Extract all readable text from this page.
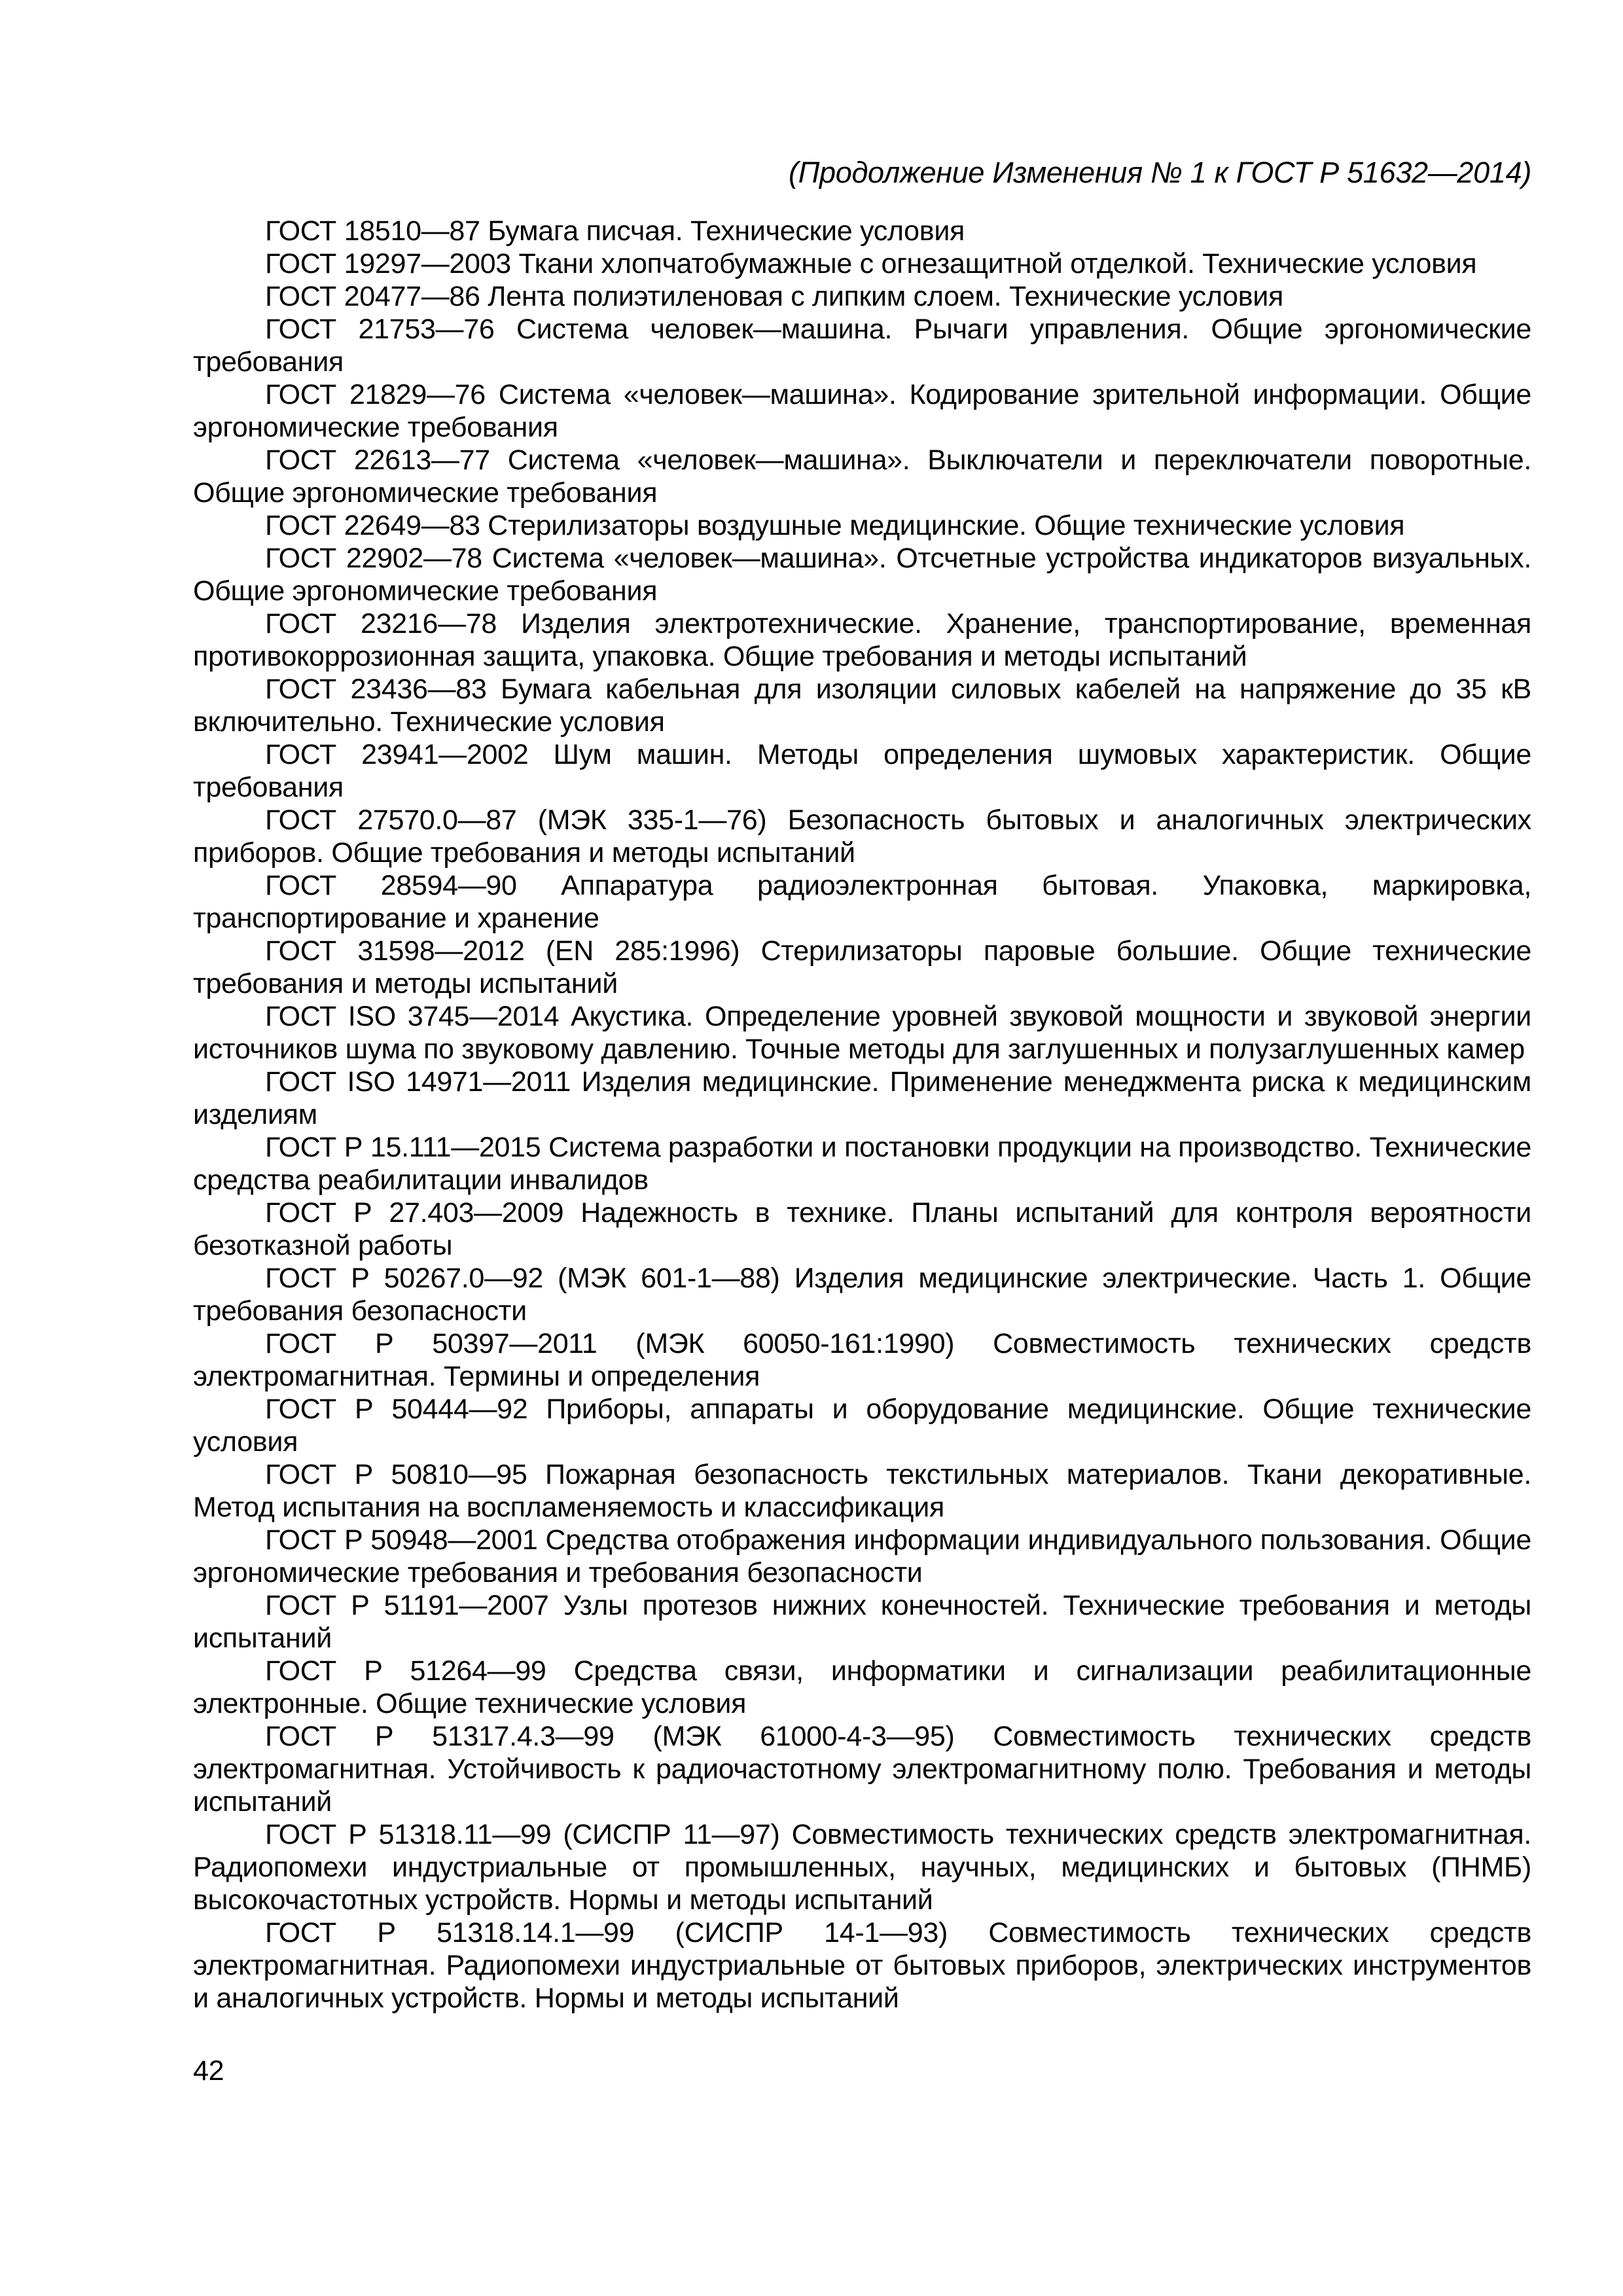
(Продолжение Изменения № 1 к ГОСТ Р 51632—2014)

ГОСТ 18510—87 Бумага писчая. Технические условия

ГОСТ 19297—2003 Ткани хлопчатобумажные с огнезащитной отделкой. Технические условия

ГОСТ 20477—86 Лента полиэтиленовая с липким слоем. Технические условия

ГОСТ 21753—76 Система человек—машина. Рычаги управления. Общие эргономические требования

ГОСТ 21829—76 Система «человек—машина». Кодирование зрительной информации. Общие эргономические требования

ГОСТ 22613—77 Система «человек—машина». Выключатели и переключатели поворотные. Общие эргономические требования

ГОСТ 22649—83 Стерилизаторы воздушные медицинские. Общие технические условия

ГОСТ 22902—78 Система «человек—машина». Отсчетные устройства индикаторов визуальных. Общие эргономические требования

ГОСТ 23216—78 Изделия электротехнические. Хранение, транспортирование, временная противокоррозионная защита, упаковка. Общие требования и методы испытаний

ГОСТ 23436—83 Бумага кабельная для изоляции силовых кабелей на напряжение до 35 кВ включительно. Технические условия

ГОСТ 23941—2002 Шум машин. Методы определения шумовых характеристик. Общие требования

ГОСТ 27570.0—87 (МЭК 335-1—76) Безопасность бытовых и аналогичных электрических приборов. Общие требования и методы испытаний

ГОСТ 28594—90 Аппаратура радиоэлектронная бытовая. Упаковка, маркировка, транспортирование и хранение

ГОСТ 31598—2012 (EN 285:1996) Стерилизаторы паровые большие. Общие технические требования и методы испытаний

ГОСТ ISO 3745—2014 Акустика. Определение уровней звуковой мощности и звуковой энергии источников шума по звуковому давлению. Точные методы для заглушенных и полузаглушенных камер

ГОСТ ISO 14971—2011 Изделия медицинские. Применение менеджмента риска к медицинским изделиям

ГОСТ Р 15.111—2015 Система разработки и постановки продукции на производство. Технические средства реабилитации инвалидов

ГОСТ Р 27.403—2009 Надежность в технике. Планы испытаний для контроля вероятности безотказной работы

ГОСТ Р 50267.0—92 (МЭК 601-1—88) Изделия медицинские электрические. Часть 1. Общие требования безопасности

ГОСТ Р 50397—2011 (МЭК 60050-161:1990) Совместимость технических средств электромагнитная. Термины и определения

ГОСТ Р 50444—92 Приборы, аппараты и оборудование медицинские. Общие технические условия

ГОСТ Р 50810—95 Пожарная безопасность текстильных материалов. Ткани декоративные. Метод испытания на воспламеняемость и классификация

ГОСТ Р 50948—2001 Средства отображения информации индивидуального пользования. Общие эргономические требования и требования безопасности

ГОСТ Р 51191—2007 Узлы протезов нижних конечностей. Технические требования и методы испытаний

ГОСТ Р 51264—99 Средства связи, информатики и сигнализации реабилитационные электронные. Общие технические условия

ГОСТ Р 51317.4.3—99 (МЭК 61000-4-3—95) Совместимость технических средств электромагнитная. Устойчивость к радиочастотному электромагнитному полю. Требования и методы испытаний

ГОСТ Р 51318.11—99 (СИСПР 11—97) Совместимость технических средств электромагнитная. Радиопомехи индустриальные от промышленных, научных, медицинских и бытовых (ПНМБ) высокочастотных устройств. Нормы и методы испытаний

ГОСТ Р 51318.14.1—99 (СИСПР 14-1—93) Совместимость технических средств электромагнитная. Радиопомехи индустриальные от бытовых приборов, электрических инструментов и аналогичных устройств. Нормы и методы испытаний

42
